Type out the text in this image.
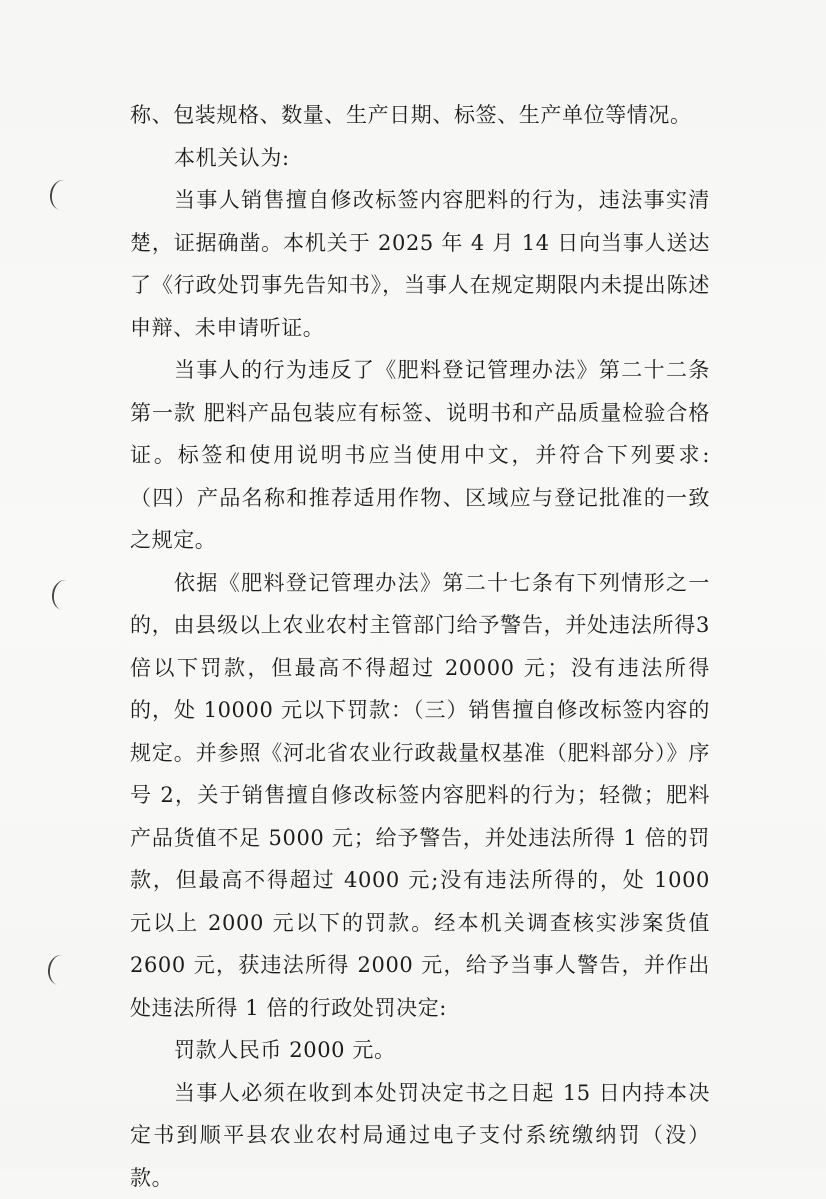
称、包装规格、数量、生产日期、标签、生产单位等情况。

本机关认为:

当事人销售擅自修改标签内容肥料的行为，违法事实清楚，证据确凿。本机关于 2025 年 4 月 14 日向当事人送达了《行政处罚事先告知书》，当事人在规定期限内未提出陈述申辩、未申请听证。

当事人的行为违反了《肥料登记管理办法》第二十二条第一款 肥料产品包装应有标签、说明书和产品质量检验合格证。标签和使用说明书应当使用中文，并符合下列要求:（四）产品名称和推荐适用作物、区域应与登记批准的一致之规定。

依据《肥料登记管理办法》第二十七条有下列情形之一的，由县级以上农业农村主管部门给予警告，并处违法所得3倍以下罚款，但最高不得超过 20000 元；没有违法所得的，处 10000 元以下罚款：（三）销售擅自修改标签内容的规定。并参照《河北省农业行政裁量权基准（肥料部分）》序号 2，关于销售擅自修改标签内容肥料的行为；轻微；肥料产品货值不足 5000 元；给予警告，并处违法所得 1 倍的罚款，但最高不得超过 4000 元;没有违法所得的，处 1000 元以上 2000 元以下的罚款。经本机关调查核实涉案货值 2600 元，获违法所得 2000 元，给予当事人警告，并作出处违法所得 1 倍的行政处罚决定:

罚款人民币 2000 元。

当事人必须在收到本处罚决定书之日起 15 日内持本决定书到顺平县农业农村局通过电子支付系统缴纳罚（没）款。
